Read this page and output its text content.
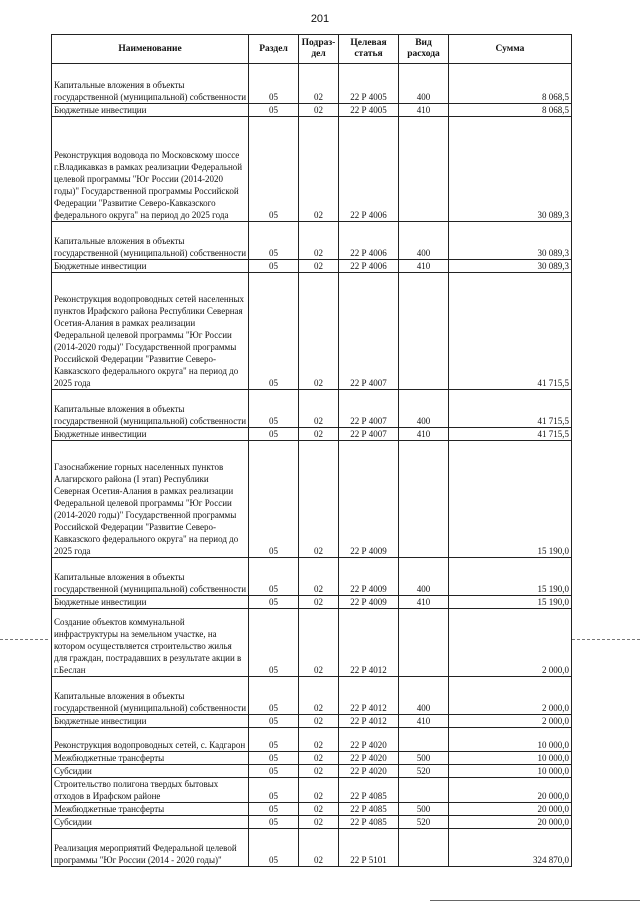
201
Наименование	Раздел	Подраз-дел	Целевая статья	Вид расхода	Сумма
Капитальные вложения в объекты государственной (муниципальной) собственности	05	02	22 Р 4005	400	8 068,5
Бюджетные инвестиции	05	02	22 Р 4005	410	8 068,5
Реконструкция водовода по Московскому шоссе г.Владикавказ в рамках реализации Федеральной целевой программы "Юг России (2014-2020 годы)" Государственной программы Российской Федерации "Развитие Северо-Кавказского федерального округа" на период до 2025 года	05	02	22 Р 4006		30 089,3
Капитальные вложения в объекты государственной (муниципальной) собственности	05	02	22 Р 4006	400	30 089,3
Бюджетные инвестиции	05	02	22 Р 4006	410	30 089,3
Реконструкция водопроводных сетей населенных пунктов Ирафского района Республики Северная Осетия-Алания в рамках реализации Федеральной целевой программы "Юг России (2014-2020 годы)" Государственной программы Российской Федерации "Развитие Северо-Кавказского федерального округа" на период до 2025 года	05	02	22 Р 4007		41 715,5
Капитальные вложения в объекты государственной (муниципальной) собственности	05	02	22 Р 4007	400	41 715,5
Бюджетные инвестиции	05	02	22 Р 4007	410	41 715,5
Газоснабжение горных населенных пунктов Алагирского района (I этап) Республики Северная Осетия-Алания в рамках реализации Федеральной целевой программы "Юг России (2014-2020 годы)" Государственной программы Российской Федерации "Развитие Северо-Кавказского федерального округа" на период до 2025 года	05	02	22 Р 4009		15 190,0
Капитальные вложения в объекты государственной (муниципальной) собственности	05	02	22 Р 4009	400	15 190,0
Бюджетные инвестиции	05	02	22 Р 4009	410	15 190,0
Создание объектов коммунальной инфраструктуры на земельном участке, на котором осуществляется строительство жилья для граждан, пострадавших в результате акции в г.Беслан	05	02	22 Р 4012		2 000,0
Капитальные вложения в объекты государственной (муниципальной) собственности	05	02	22 Р 4012	400	2 000,0
Бюджетные инвестиции	05	02	22 Р 4012	410	2 000,0
Реконструкция водопроводных сетей, с. Кадгарон	05	02	22 Р 4020		10 000,0
Межбюджетные трансферты	05	02	22 Р 4020	500	10 000,0
Субсидии	05	02	22 Р 4020	520	10 000,0
Строительство полигона твердых бытовых отходов в Ирафском районе	05	02	22 Р 4085		20 000,0
Межбюджетные трансферты	05	02	22 Р 4085	500	20 000,0
Субсидии	05	02	22 Р 4085	520	20 000,0
Реализация мероприятий Федеральной целевой программы "Юг России (2014 - 2020 годы)"	05	02	22 Р 5101		324 870,0
